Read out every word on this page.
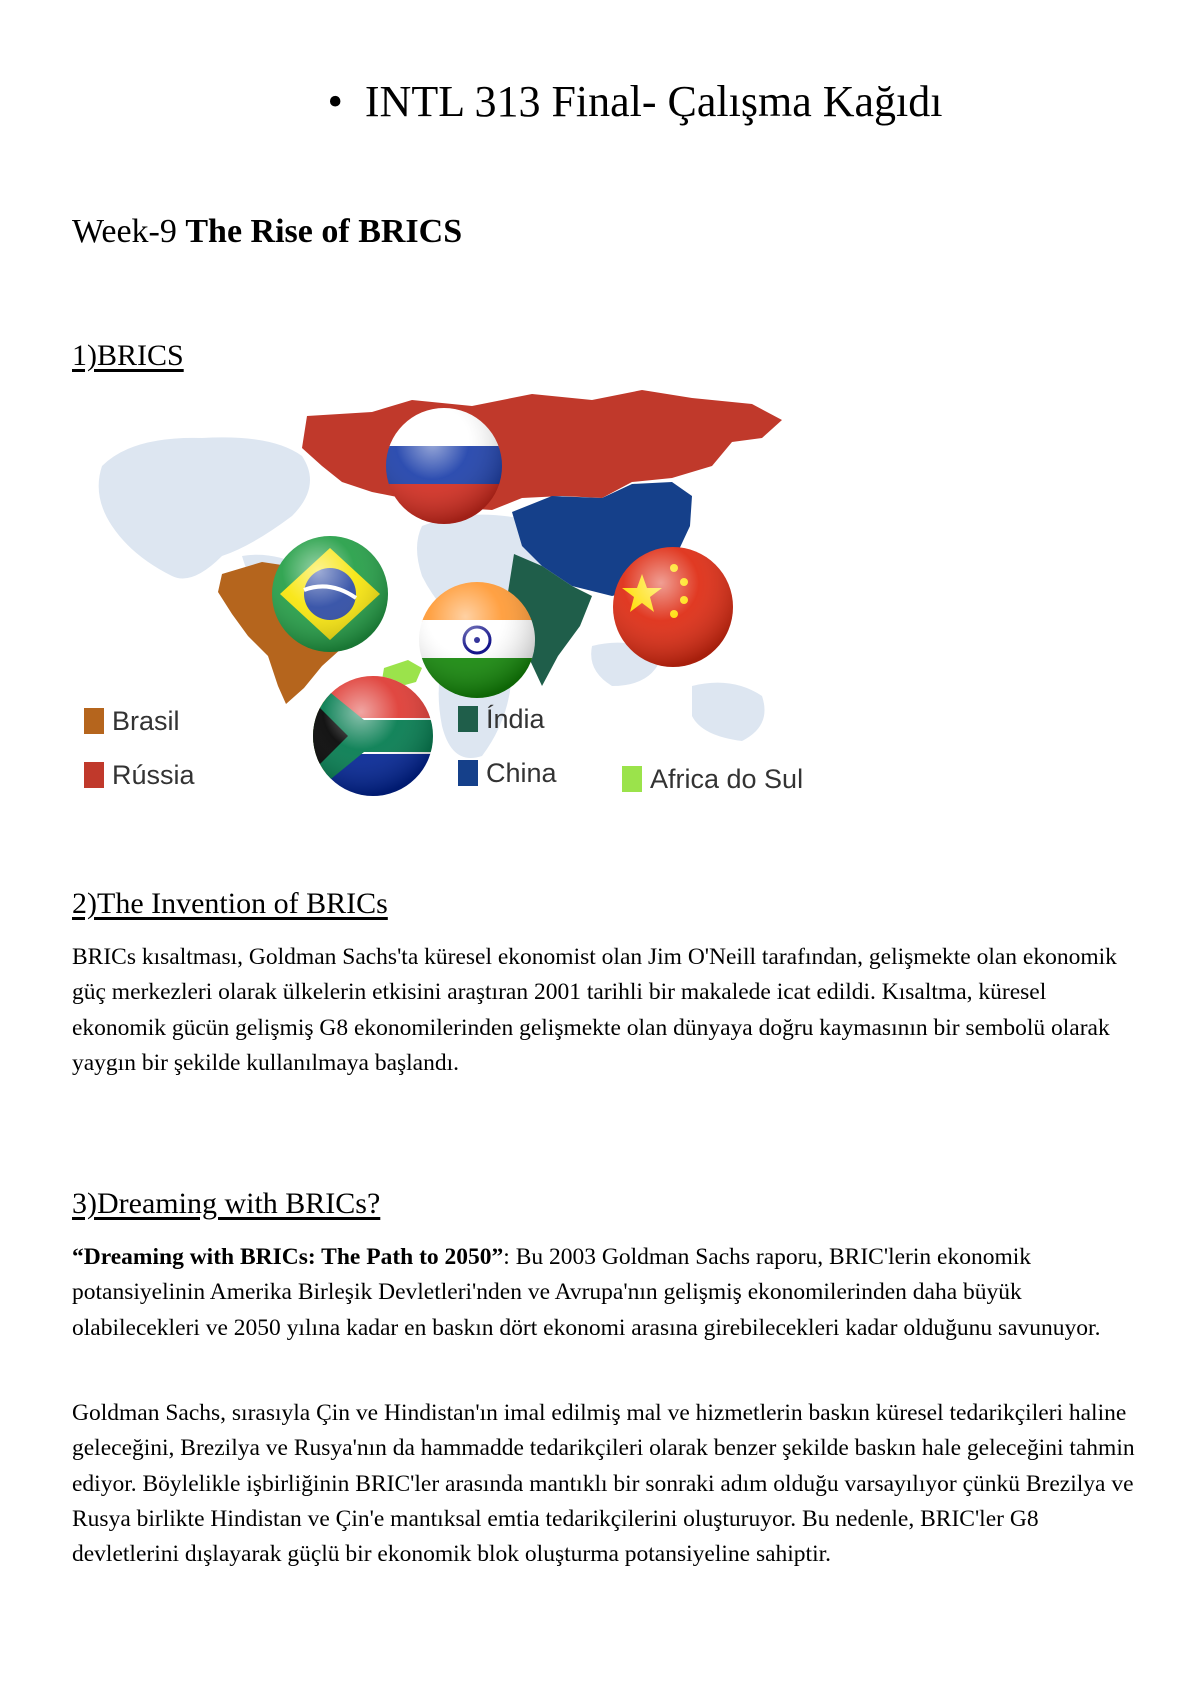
• INTL 313 Final- Çalışma Kağıdı
Week-9 The Rise of BRICS
1)BRICS
Brasil
Rússia
Índia
China	Africa do Sul
2)The Invention of BRICs

BRICs kısaltması, Goldman Sachs'ta küresel ekonomist olan Jim O'Neill tarafından, gelişmekte olan ekonomik güç merkezleri olarak ülkelerin etkisini araştıran 2001 tarihli bir makalede icat edildi. Kısaltma, küresel ekonomik gücün gelişmiş G8 ekonomilerinden gelişmekte olan dünyaya doğru kaymasının bir sembolü olarak yaygın bir şekilde kullanılmaya başlandı.

3)Dreaming with BRICs?

“Dreaming with BRICs: The Path to 2050”: Bu 2003 Goldman Sachs raporu, BRIC'lerin ekonomik potansiyelinin Amerika Birleşik Devletleri'nden ve Avrupa'nın gelişmiş ekonomilerinden daha büyük olabilecekleri ve 2050 yılına kadar en baskın dört ekonomi arasına girebilecekleri kadar olduğunu savunuyor.

Goldman Sachs, sırasıyla Çin ve Hindistan'ın imal edilmiş mal ve hizmetlerin baskın küresel tedarikçileri haline geleceğini, Brezilya ve Rusya'nın da hammadde tedarikçileri olarak benzer şekilde baskın hale geleceğini tahmin ediyor. Böylelikle işbirliğinin BRIC'ler arasında mantıklı bir sonraki adım olduğu varsayılıyor çünkü Brezilya ve Rusya birlikte Hindistan ve Çin'e mantıksal emtia tedarikçilerini oluşturuyor. Bu nedenle, BRIC'ler G8 devletlerini dışlayarak güçlü bir ekonomik blok oluşturma potansiyeline sahiptir.
